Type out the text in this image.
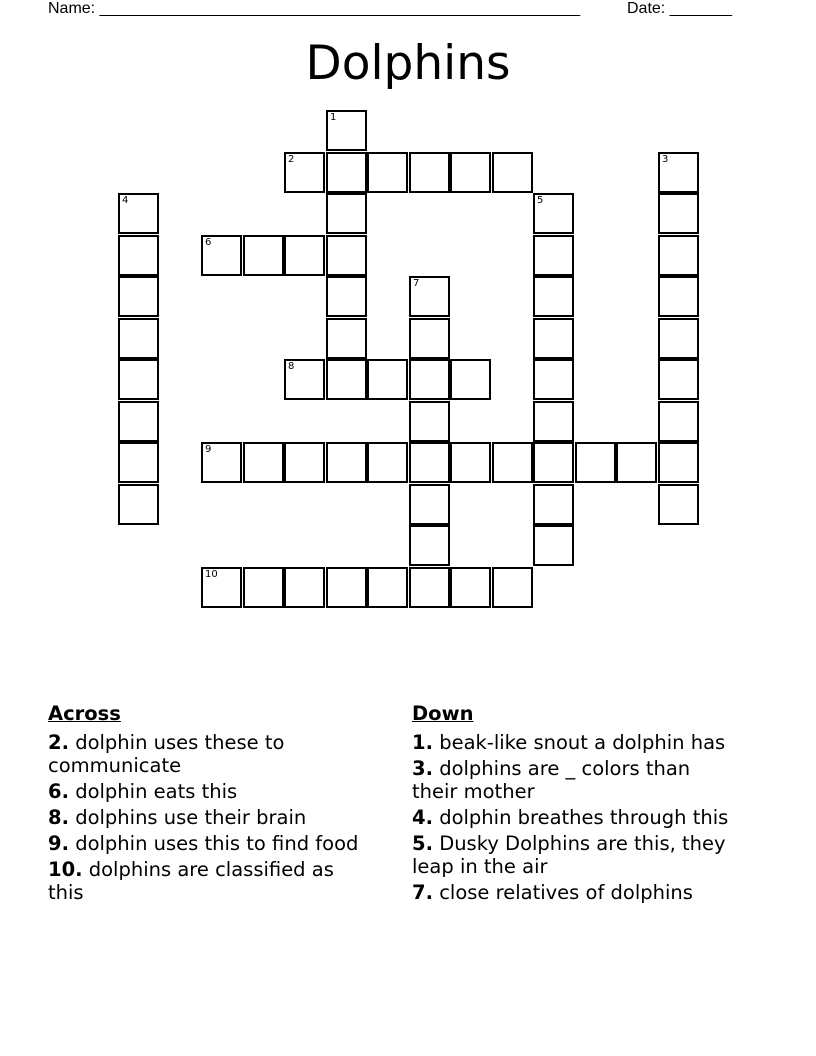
Name: ______________________________________________________	Date: _______
Dolphins
1
2	3
4	5
6
7
8
9
10
Across
2. dolphin uses these to communicate
6. dolphin eats this
8. dolphins use their brain
9. dolphin uses this to find food
10. dolphins are classified as this
Down
1. beak-like snout a dolphin has
3. dolphins are _ colors than their mother
4. dolphin breathes through this
5. Dusky Dolphins are this, they leap in the air
7. close relatives of dolphins
